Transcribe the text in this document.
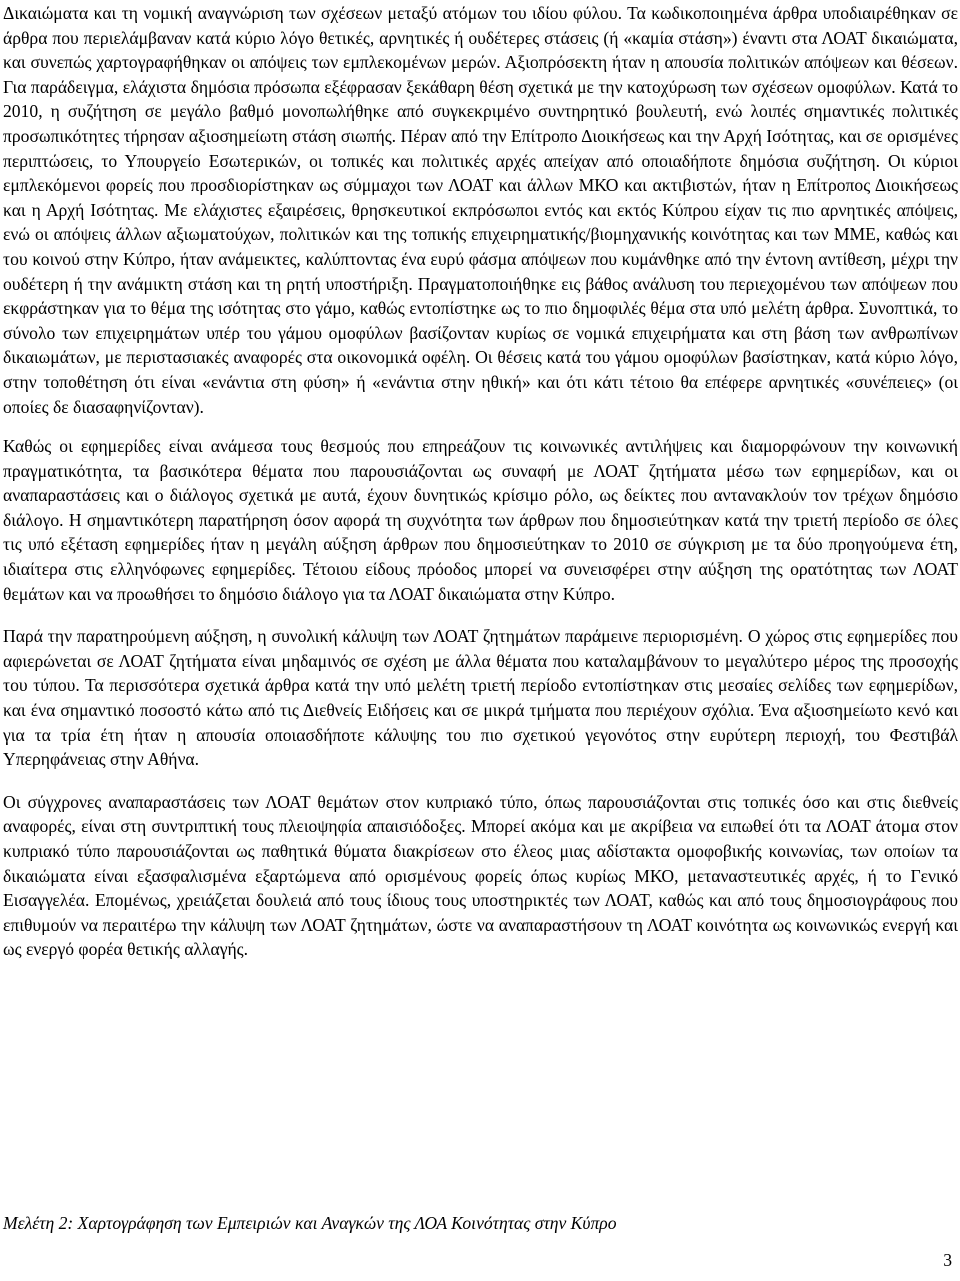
Δικαιώματα και τη νομική αναγνώριση των σχέσεων μεταξύ ατόμων του ιδίου φύλου. Τα κωδικοποιημένα άρθρα υποδιαιρέθηκαν σε άρθρα που περιελάμβαναν κατά κύριο λόγο θετικές, αρνητικές ή ουδέτερες στάσεις (ή «καμία στάση») έναντι στα ΛΟΑΤ δικαιώματα, και συνεπώς χαρτογραφήθηκαν οι απόψεις των εμπλεκομένων μερών. Αξιοπρόσεκτη ήταν η απουσία πολιτικών απόψεων και θέσεων. Για παράδειγμα, ελάχιστα δημόσια πρόσωπα εξέφρασαν ξεκάθαρη θέση σχετικά με την κατοχύρωση των σχέσεων ομοφύλων. Κατά το 2010, η συζήτηση σε μεγάλο βαθμό μονοπωλήθηκε από συγκεκριμένο συντηρητικό βουλευτή, ενώ λοιπές σημαντικές πολιτικές προσωπικότητες τήρησαν αξιοσημείωτη στάση σιωπής. Πέραν από την Επίτροπο Διοικήσεως και την Αρχή Ισότητας, και σε ορισμένες περιπτώσεις, το Υπουργείο Εσωτερικών, οι τοπικές και πολιτικές αρχές απείχαν από οποιαδήποτε δημόσια συζήτηση. Οι κύριοι εμπλεκόμενοι φορείς που προσδιορίστηκαν ως σύμμαχοι των ΛΟΑΤ και άλλων ΜΚΟ και ακτιβιστών, ήταν η Επίτροπος Διοικήσεως και η Αρχή Ισότητας. Με ελάχιστες εξαιρέσεις, θρησκευτικοί εκπρόσωποι εντός και εκτός Κύπρου είχαν τις πιο αρνητικές απόψεις, ενώ οι απόψεις άλλων αξιωματούχων, πολιτικών και της τοπικής επιχειρηματικής/βιομηχανικής κοινότητας και των ΜΜΕ, καθώς και του κοινού στην Κύπρο, ήταν ανάμεικτες, καλύπτοντας ένα ευρύ φάσμα απόψεων που κυμάνθηκε από την έντονη αντίθεση, μέχρι την ουδέτερη ή την ανάμικτη στάση και τη ρητή υποστήριξη. Πραγματοποιήθηκε εις βάθος ανάλυση του περιεχομένου των απόψεων που εκφράστηκαν για το θέμα της ισότητας στο γάμο, καθώς εντοπίστηκε ως το πιο δημοφιλές θέμα στα υπό μελέτη άρθρα. Συνοπτικά, το σύνολο των επιχειρημάτων υπέρ του γάμου ομοφύλων βασίζονταν κυρίως σε νομικά επιχειρήματα και στη βάση των ανθρωπίνων δικαιωμάτων, με περιστασιακές αναφορές στα οικονομικά οφέλη. Οι θέσεις κατά του γάμου ομοφύλων βασίστηκαν, κατά κύριο λόγο, στην τοποθέτηση ότι είναι «ενάντια στη φύση» ή «ενάντια στην ηθική» και ότι κάτι τέτοιο θα επέφερε αρνητικές «συνέπειες» (οι οποίες δε διασαφηνίζονταν).

Καθώς οι εφημερίδες είναι ανάμεσα τους θεσμούς που επηρεάζουν τις κοινωνικές αντιλήψεις και διαμορφώνουν την κοινωνική πραγματικότητα, τα βασικότερα θέματα που παρουσιάζονται ως συναφή με ΛΟΑΤ ζητήματα μέσω των εφημερίδων, και οι αναπαραστάσεις και ο διάλογος σχετικά με αυτά, έχουν δυνητικώς κρίσιμο ρόλο, ως δείκτες που αντανακλούν τον τρέχων δημόσιο διάλογο. Η σημαντικότερη παρατήρηση όσον αφορά τη συχνότητα των άρθρων που δημοσιεύτηκαν κατά την τριετή περίοδο σε όλες τις υπό εξέταση εφημερίδες ήταν η μεγάλη αύξηση άρθρων που δημοσιεύτηκαν το 2010 σε σύγκριση με τα δύο προηγούμενα έτη, ιδιαίτερα στις ελληνόφωνες εφημερίδες. Τέτοιου είδους πρόοδος μπορεί να συνεισφέρει στην αύξηση της ορατότητας των ΛΟΑΤ θεμάτων και να προωθήσει το δημόσιο διάλογο για τα ΛΟΑΤ δικαιώματα στην Κύπρο.

Παρά την παρατηρούμενη αύξηση, η συνολική κάλυψη των ΛΟΑΤ ζητημάτων παράμεινε περιορισμένη. Ο χώρος στις εφημερίδες που αφιερώνεται σε ΛΟΑΤ ζητήματα είναι μηδαμινός σε σχέση με άλλα θέματα που καταλαμβάνουν το μεγαλύτερο μέρος της προσοχής του τύπου. Τα περισσότερα σχετικά άρθρα κατά την υπό μελέτη τριετή περίοδο εντοπίστηκαν στις μεσαίες σελίδες των εφημερίδων, και ένα σημαντικό ποσοστό κάτω από τις Διεθνείς Ειδήσεις και σε μικρά τμήματα που περιέχουν σχόλια. Ένα αξιοσημείωτο κενό και για τα τρία έτη ήταν η απουσία οποιασδήποτε κάλυψης του πιο σχετικού γεγονότος στην ευρύτερη περιοχή, του Φεστιβάλ Υπερηφάνειας στην Αθήνα.

Οι σύγχρονες αναπαραστάσεις των ΛΟΑΤ θεμάτων στον κυπριακό τύπο, όπως παρουσιάζονται στις τοπικές όσο και στις διεθνείς αναφορές, είναι στη συντριπτική τους πλειοψηφία απαισιόδοξες. Μπορεί ακόμα και με ακρίβεια να ειπωθεί ότι τα ΛΟΑΤ άτομα στον κυπριακό τύπο παρουσιάζονται ως παθητικά θύματα διακρίσεων στο έλεος μιας αδίστακτα ομοφοβικής κοινωνίας, των οποίων τα δικαιώματα είναι εξασφαλισμένα εξαρτώμενα από ορισμένους φορείς όπως κυρίως ΜΚΟ, μεταναστευτικές αρχές, ή το Γενικό Εισαγγελέα. Επομένως, χρειάζεται δουλειά από τους ίδιους τους υποστηρικτές των ΛΟΑΤ, καθώς και από τους δημοσιογράφους που επιθυμούν να περαιτέρω την κάλυψη των ΛΟΑΤ ζητημάτων, ώστε να αναπαραστήσουν τη ΛΟΑΤ κοινότητα ως κοινωνικώς ενεργή και ως ενεργό φορέα θετικής αλλαγής.

Μελέτη 2: Χαρτογράφηση των Εμπειριών και Αναγκών της ΛΟΑ Κοινότητας στην Κύπρο
3
